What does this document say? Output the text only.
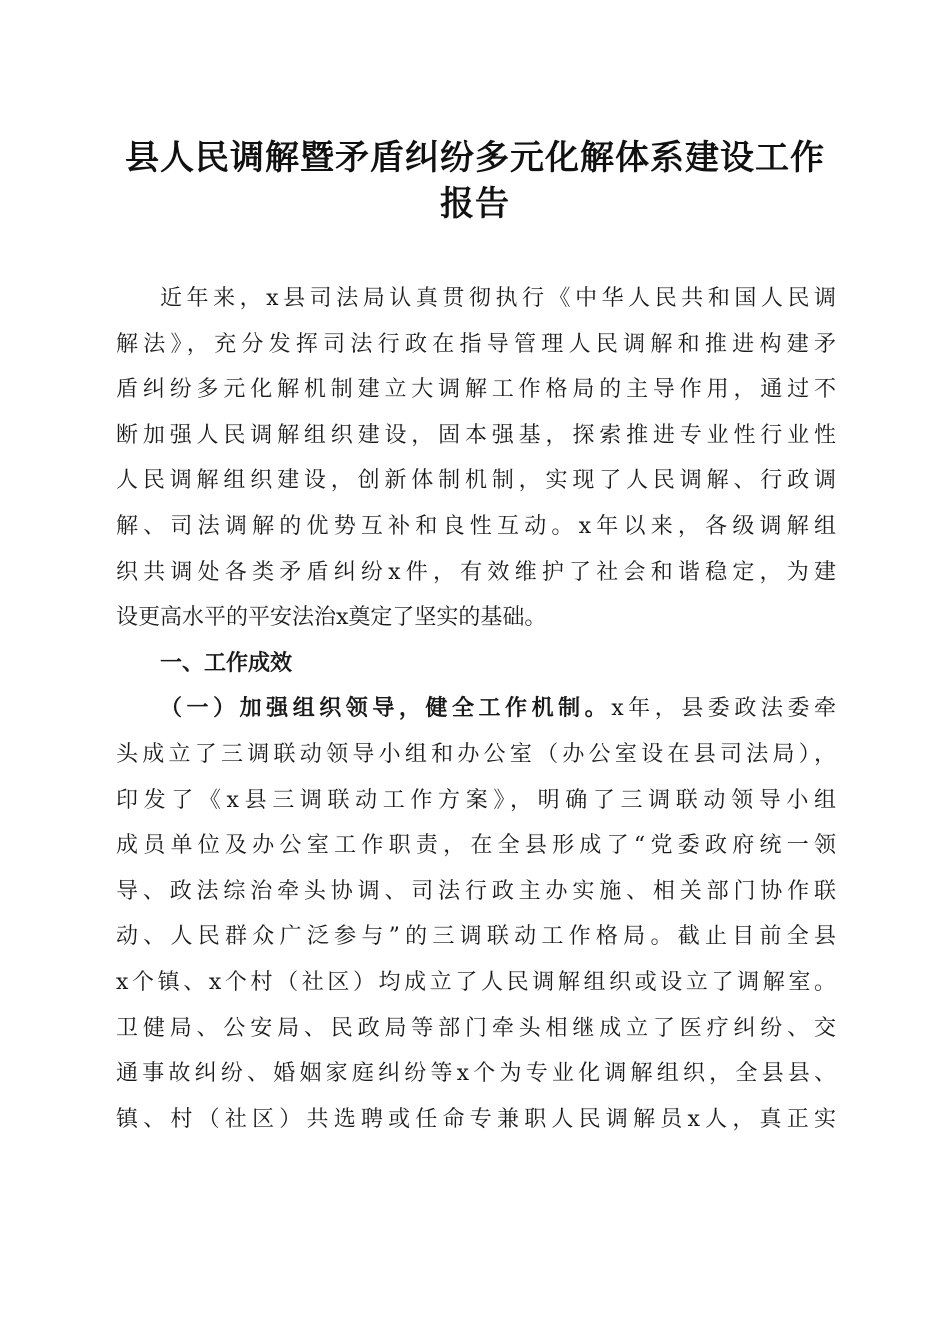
县人民调解暨矛盾纠纷多元化解体系建设工作
报告
近年来，x县司法局认真贯彻执行《中华人民共和国人民调
解法》，充分发挥司法行政在指导管理人民调解和推进构建矛
盾纠纷多元化解机制建立大调解工作格局的主导作用，通过不
断加强人民调解组织建设，固本强基，探索推进专业性行业性
人民调解组织建设，创新体制机制，实现了人民调解、行政调
解、司法调解的优势互补和良性互动。x年以来，各级调解组
织共调处各类矛盾纠纷x件，有效维护了社会和谐稳定，为建
设更高水平的平安法治x奠定了坚实的基础。
一、工作成效
（一）加强组织领导，健全工作机制。x年，县委政法委牵
头成立了三调联动领导小组和办公室（办公室设在县司法局），
印发了《x县三调联动工作方案》，明确了三调联动领导小组
成员单位及办公室工作职责，在全县形成了“党委政府统一领
导、政法综治牵头协调、司法行政主办实施、相关部门协作联
动、人民群众广泛参与”的三调联动工作格局。截止目前全县
x个镇、x个村（社区）均成立了人民调解组织或设立了调解室。
卫健局、公安局、民政局等部门牵头相继成立了医疗纠纷、交
通事故纠纷、婚姻家庭纠纷等x个为专业化调解组织，全县县、
镇、村（社区）共选聘或任命专兼职人民调解员x人，真正实
